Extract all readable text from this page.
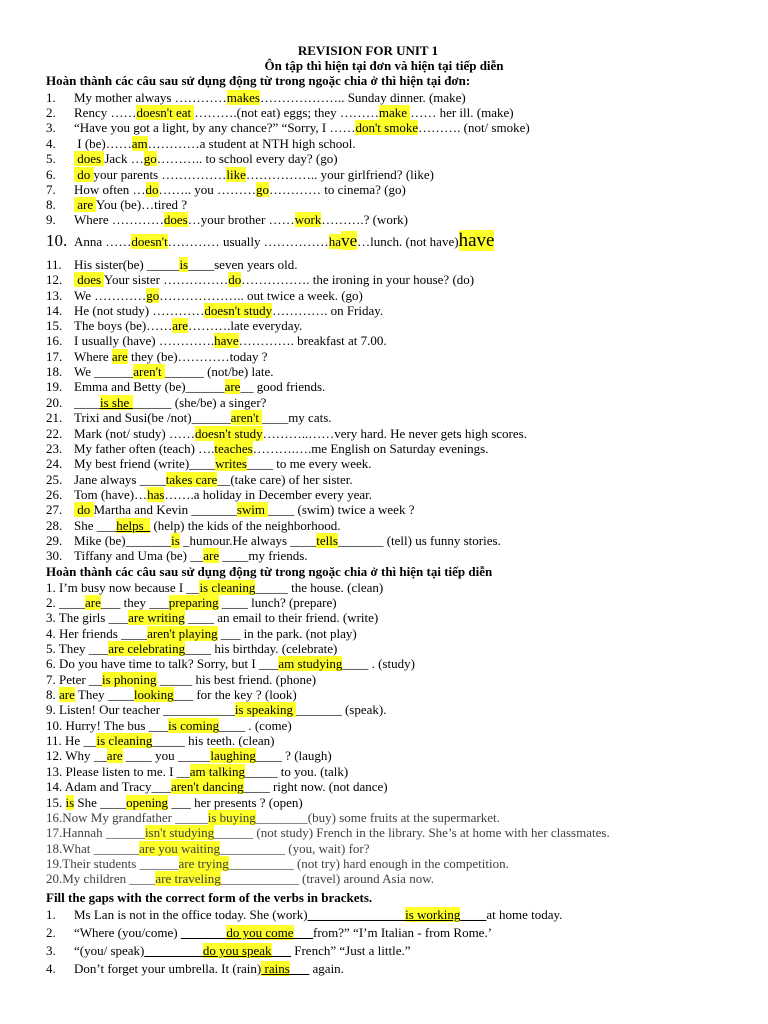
REVISION FOR UNIT 1
Ôn tập thì hiện tại đơn và hiện tại tiếp diễn
Hoàn thành các câu sau sử dụng động từ trong ngoặc chia ở thì hiện tại đơn:
1. My mother always …………makes……………….. Sunday dinner. (make)
2. Rency ……doesn't eat ……….(not eat) eggs; they ………make …… her ill. (make)
3. “Have you got a light, by any chance?” “Sorry, I ……don't smoke………. (not/ smoke)
4. I (be)……am…………a student at NTH high school.
5. does Jack …go……….. to school every day? (go)
6. do your parents ……………like…………….. your girlfriend? (like)
7. How often …do…….. you ………go………… to cinema? (go)
8. are You (be)…tired ?
9. Where …………does…your brother ……work……….? (work)
10. Anna ……doesn't………… usually ……………have…lunch. (not have)have
11. His sister(be) _____is____seven years old.
12. does Your sister ……………do……………. the ironing in your house? (do)
13. We …………go……………….. out twice a week. (go)
14. He (not study) …………doesn't study…………. on Friday.
15. The boys (be)……are……….late everyday.
16. I usually (have) ………….have…………. breakfast at 7.00.
17. Where are they (be)…………today ?
18. We ______aren't ______ (not/be) late.
19. Emma and Betty (be)______are__ good friends.
20. ____is she ______ (she/be) a singer?
21. Trixi and Susi(be /not)______aren't ____my cats.
22. Mark (not/ study) ……doesn't study………..……very hard. He never gets high scores.
23. My father often (teach) ….teaches……….….me English on Saturday evenings.
24. My best friend (write)____writes____ to me every week.
25. Jane always ____takes care__(take care) of her sister.
26. Tom (have)…has…….a holiday in December every year.
27. do Martha and Kevin _______swim ____ (swim) twice a week ?
28. She ___helps_ (help) the kids of the neighborhood.
29. Mike (be)_______is _humour.He always ____tells_______ (tell) us funny stories.
30. Tiffany and Uma (be) __are ____my friends.
Hoàn thành các câu sau sử dụng động từ trong ngoặc chia ở thì hiện tại tiếp diễn
1. I’m busy now because I __is cleaning_____ the house. (clean)
2. ____are___ they ___preparing ____ lunch? (prepare)
3. The girls ___are writing ____ an email to their friend. (write)
4. Her friends ____aren't playing ___ in the park. (not play)
5. They ___are celebrating____ his birthday. (celebrate)
6. Do you have time to talk? Sorry, but I ___am studying____ . (study)
7. Peter __is phoning _____ his best friend. (phone)
8. are They ____looking___ for the key ? (look)
9. Listen! Our teacher ___________is speaking _______ (speak).
10. Hurry! The bus ___is coming____ . (come)
11. He __is cleaning_____ his teeth. (clean)
12. Why __are ____ you _____laughing____ ? (laugh)
13. Please listen to me. I __am talking_____ to you. (talk)
14. Adam and Tracy___aren't dancing____ right now. (not dance)
15. is She ____opening ___ her presents ? (open)
16.Now My grandfather _____is buying________(buy) some fruits at the supermarket.
17.Hannah ______isn't studying______ (not study) French in the library. She’s at home with her classmates.
18.What _______are you waiting__________ (you, wait) for?
19.Their students ______are trying__________ (not try) hard enough in the competition.
20.My children ____are traveling____________ (travel) around Asia now.
Fill the gaps with the correct form of the verbs in brackets.
1. Ms Lan is not in the office today. She (work)_______________is working____at home today.
2. “Where (you/come) _______do you come___from?” “I’m Italian - from Rome.’
3. “(you/ speak)_________do you speak___ French” “Just a little.”
4. Don’t forget your umbrella. It (rain) rains___ again.
